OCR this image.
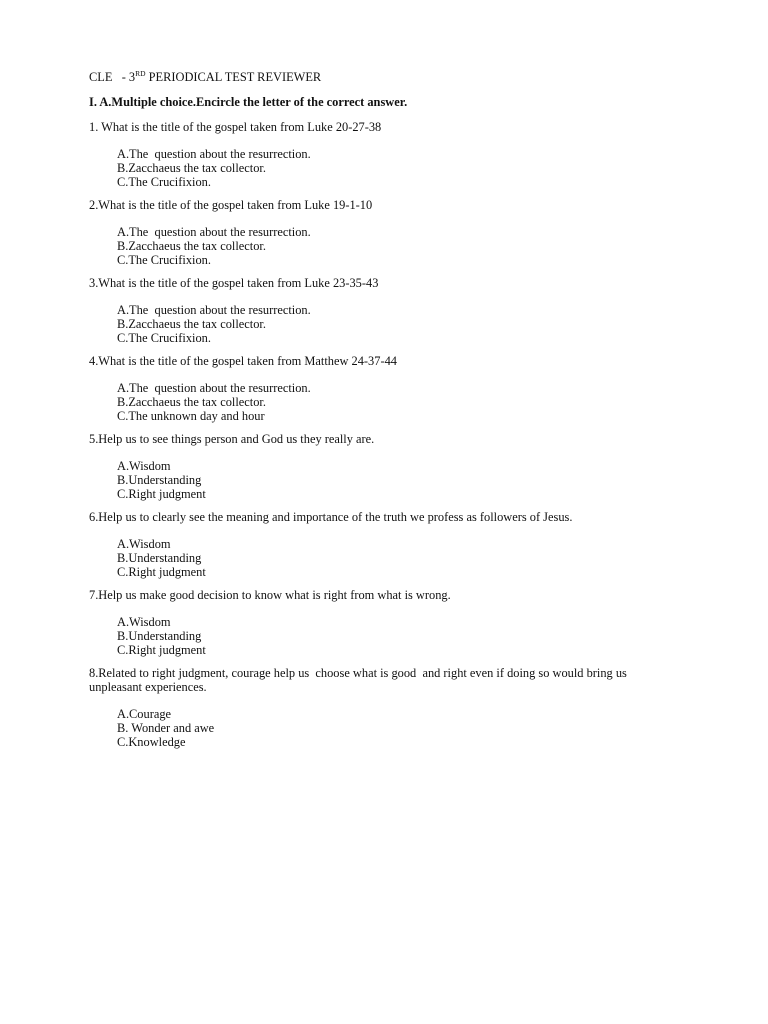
CLE   - 3RD PERIODICAL TEST REVIEWER

I. A.Multiple choice.Encircle the letter of the correct answer.

1. What is the title of the gospel taken from Luke 20-27-38

A.The  question about the resurrection.
B.Zacchaeus the tax collector.
C.The Crucifixion.

2.What is the title of the gospel taken from Luke 19-1-10

A.The  question about the resurrection.
B.Zacchaeus the tax collector.
C.The Crucifixion.

3.What is the title of the gospel taken from Luke 23-35-43

A.The  question about the resurrection.
B.Zacchaeus the tax collector.
C.The Crucifixion.

4.What is the title of the gospel taken from Matthew 24-37-44

A.The  question about the resurrection.
B.Zacchaeus the tax collector.
C.The unknown day and hour

5.Help us to see things person and God us they really are.

A.Wisdom
B.Understanding
C.Right judgment

6.Help us to clearly see the meaning and importance of the truth we profess as followers of Jesus.

A.Wisdom
B.Understanding
C.Right judgment

7.Help us make good decision to know what is right from what is wrong.

A.Wisdom
B.Understanding
C.Right judgment

8.Related to right judgment, courage help us  choose what is good  and right even if doing so would bring us unpleasant experiences.

A.Courage
B. Wonder and awe
C.Knowledge
